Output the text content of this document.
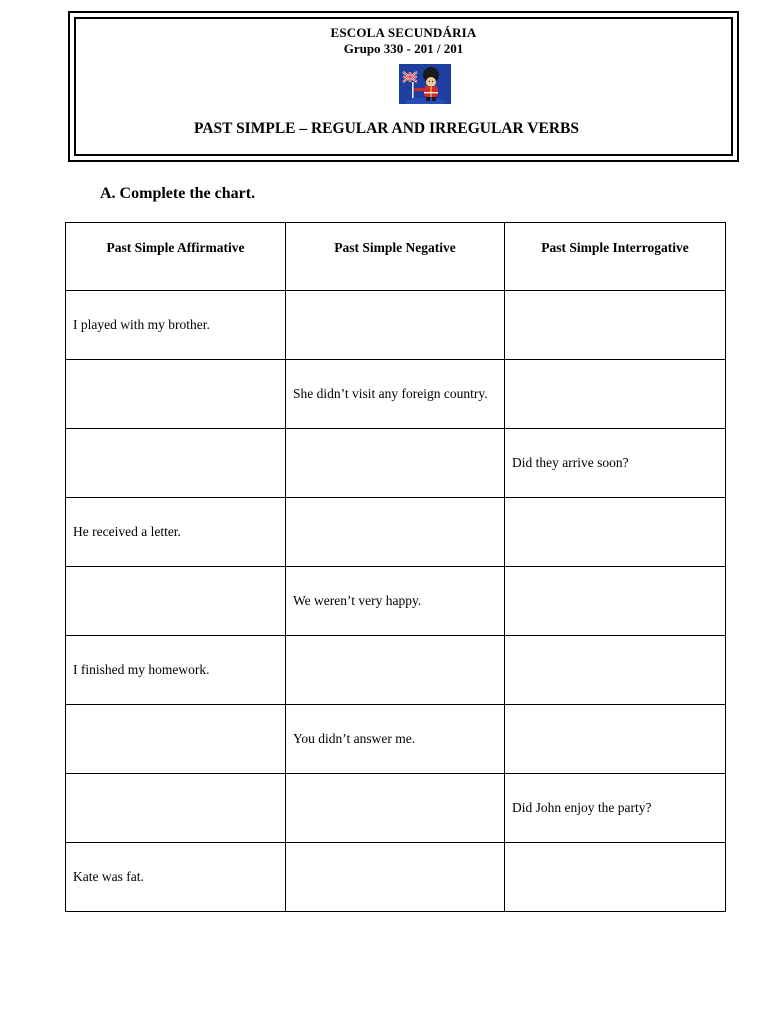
ESCOLA SECUNDÁRIA
Grupo 330 - 201 / 201
PAST SIMPLE – REGULAR AND IRREGULAR VERBS
A. Complete the chart.
Past Simple Affirmative	Past Simple Negative	Past Simple Interrogative
I played with my brother.		
	She didn’t visit any foreign country.	
		Did they arrive soon?
He received a letter.		
	We weren’t very happy.	
I finished my homework.		
	You didn’t answer me.	
		Did John enjoy the party?
Kate was fat.		
